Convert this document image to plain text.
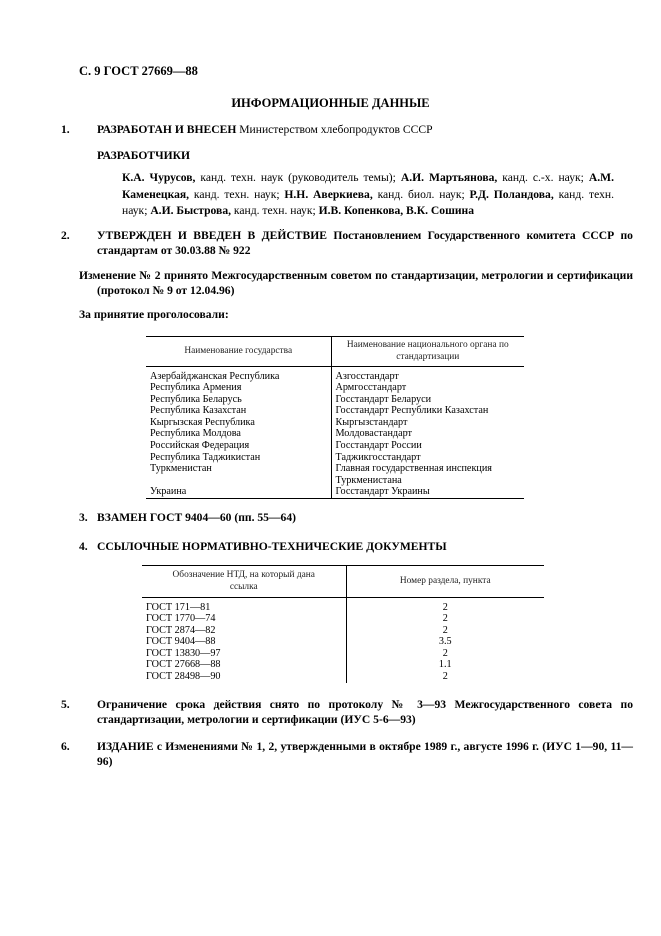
С. 9 ГОСТ 27669—88
ИНФОРМАЦИОННЫЕ ДАННЫЕ
1. РАЗРАБОТАН И ВНЕСЕН Министерством хлебопродуктов СССР
РАЗРАБОТЧИКИ
К.А. Чурусов, канд. техн. наук (руководитель темы); А.И. Мартьянова, канд. с.-х. наук; А.М. Каменецкая, канд. техн. наук; Н.Н. Аверкиева, канд. биол. наук; Р.Д. Поландова, канд. техн. наук; А.И. Быстрова, канд. техн. наук; И.В. Копенкова, В.К. Сошина
2. УТВЕРЖДЕН И ВВЕДЕН В ДЕЙСТВИЕ Постановлением Государственного комитета СССР по стандартам от 30.03.88 № 922
Изменение № 2 принято Межгосударственным советом по стандартизации, метрологии и сертификации (протокол № 9 от 12.04.96)
За принятие проголосовали:
Наименование государства	Наименование национального органа по стандартизации

Азербайджанская Республика	Азгосстандарт
Республика Армения	Армгосстандарт
Республика Беларусь	Госстандарт Беларуси
Республика Казахстан	Госстандарт Республики Казахстан
Кыргызская Республика	Кыргызстандарт
Республика Молдова	Молдовастандарт
Российская Федерация	Госстандарт России
Республика Таджикистан	Таджикгосстандарт
Туркменистан	Главная государственная инспекция Туркменистана
Украина	Госстандарт Украины
3. ВЗАМЕН ГОСТ 9404—60 (пп. 55—64)
4. ССЫЛОЧНЫЕ НОРМАТИВНО-ТЕХНИЧЕСКИЕ ДОКУМЕНТЫ
Обозначение НТД, на который дана ссылка	Номер раздела, пункта

ГОСТ 171—81	2
ГОСТ 1770—74	2
ГОСТ 2874—82	2
ГОСТ 9404—88	3.5
ГОСТ 13830—97	2
ГОСТ 27668—88	1.1
ГОСТ 28498—90	2
5. Ограничение срока действия снято по протоколу № 3—93 Межгосударственного совета по стандартизации, метрологии и сертификации (ИУС 5-6—93)
6. ИЗДАНИЕ с Изменениями № 1, 2, утвержденными в октябре 1989 г., августе 1996 г. (ИУС 1—90, 11—96)
